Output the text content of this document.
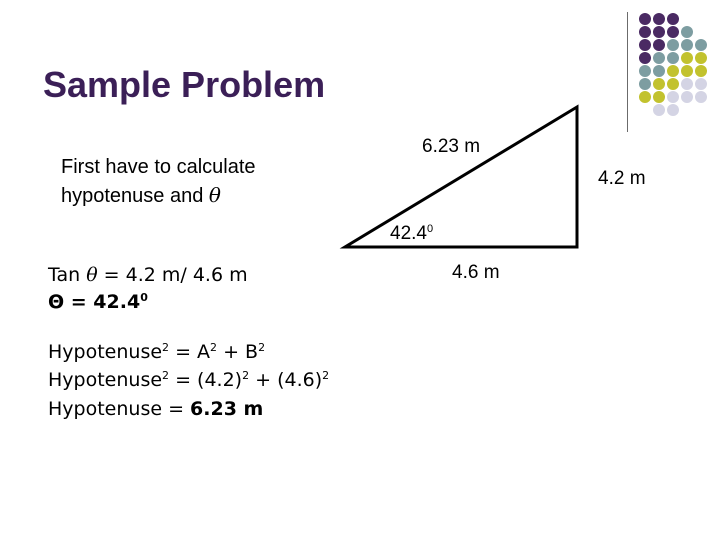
Sample Problem
First have to calculate
hypotenuse and θ
6.23 m
4.2 m
42.4$^0$
4.6 m
Tan θ = 4.2 m/ 4.6 m
$\Theta = 42.4^0$
Hypotenuse$^2$ = $A^2 + B^2$
Hypotenuse$^2$ = $(4.2)^2 + (4.6)^2$
Hypotenuse = 6.23 m
